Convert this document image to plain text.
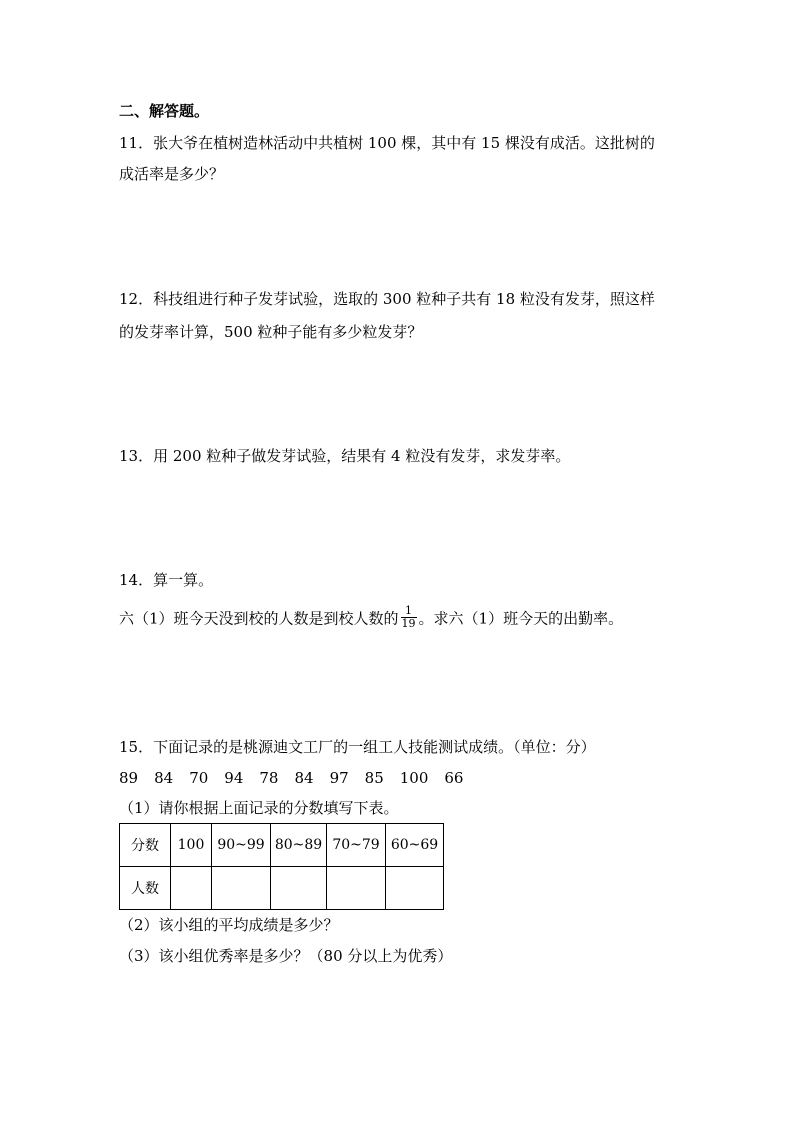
二、解答题。
11．张大爷在植树造林活动中共植树 100 棵，其中有 15 棵没有成活。这批树的
成活率是多少？
12．科技组进行种子发芽试验，选取的 300 粒种子共有 18 粒没有发芽，照这样
的发芽率计算，500 粒种子能有多少粒发芽？
13．用 200 粒种子做发芽试验，结果有 4 粒没有发芽，求发芽率。
14．算一算。
六（1）班今天没到校的人数是到校人数的 $\frac{1}{19}$ 。求六（1）班今天的出勤率。
15．下面记录的是桃源迪文工厂的一组工人技能测试成绩。（单位：分）
89 84 70 94 78 84 97 85 100 66
（1）请你根据上面记录的分数填写下表。
分数	100	90~99	80~89	70~79	60~69
人数					
（2）该小组的平均成绩是多少？
（3）该小组优秀率是多少？（80 分以上为优秀）
